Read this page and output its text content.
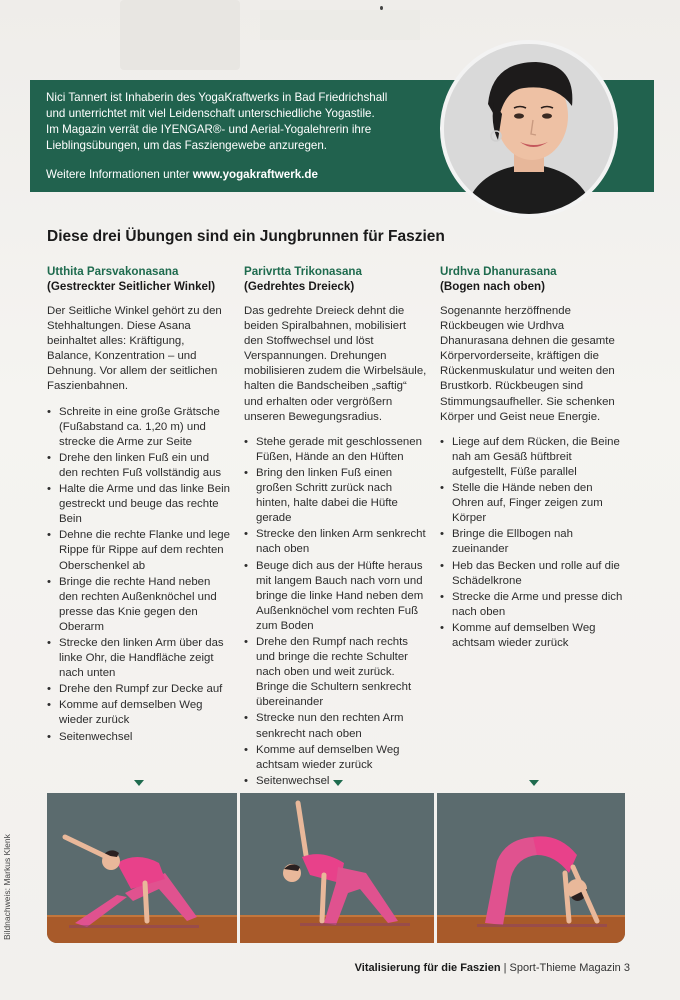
Nici Tannert ist Inhaberin des YogaKraftwerks in Bad Friedrichshall

und unterrichtet mit viel Leidenschaft unterschiedliche Yogastile.

Im Magazin verrät die IYENGAR®- und Aerial-Yogalehrerin ihre

Lieblingsübungen, um das Fasziengewebe anzuregen.

Weitere Informationen unter www.yogakraftwerk.de

Diese drei Übungen sind ein Jungbrunnen für Faszien
Utthita Parsvakonasana
(Gestreckter Seitlicher Winkel)

Der Seitliche Winkel gehört zu den Stehhaltungen. Diese Asana beinhaltet alles: Kräftigung, Balance, Konzentration – und Dehnung. Vor allem der seitlichen Faszienbahnen.

• Schreite in eine große Grätsche (Fußabstand ca. 1,20 m) und strecke die Arme zur Seite
• Drehe den linken Fuß ein und den rechten Fuß vollständig aus
• Halte die Arme und das linke Bein gestreckt und beuge das rechte Bein
• Dehne die rechte Flanke und lege Rippe für Rippe auf dem rechten Oberschenkel ab
• Bringe die rechte Hand neben den rechten Außenknöchel und presse das Knie gegen den Oberarm
• Strecke den linken Arm über das linke Ohr, die Handfläche zeigt nach unten
• Drehe den Rumpf zur Decke auf
• Komme auf demselben Weg wieder zurück
• Seitenwechsel
Parivrtta Trikonasana
(Gedrehtes Dreieck)

Das gedrehte Dreieck dehnt die beiden Spiralbahnen, mobilisiert den Stoffwechsel und löst Verspannungen. Drehungen mobilisieren zudem die Wirbelsäule, halten die Bandscheiben „saftig“ und erhalten oder vergrößern unseren Bewegungsradius.

• Stehe gerade mit geschlossenen Füßen, Hände an den Hüften
• Bring den linken Fuß einen großen Schritt zurück nach hinten, halte dabei die Hüfte gerade
• Strecke den linken Arm senkrecht nach oben
• Beuge dich aus der Hüfte heraus mit langem Bauch nach vorn und bringe die linke Hand neben dem Außenknöchel vom rechten Fuß zum Boden
• Drehe den Rumpf nach rechts und bringe die rechte Schulter nach oben und weit zurück. Bringe die Schultern senkrecht übereinander
• Strecke nun den rechten Arm senkrecht nach oben
• Komme auf demselben Weg achtsam wieder zurück
• Seitenwechsel
Urdhva Dhanurasana
(Bogen nach oben)

Sogenannte herzöffnende Rückbeugen wie Urdhva Dhanurasana dehnen die gesamte Körpervorderseite, kräftigen die Rückenmuskulatur und weiten den Brustkorb. Rückbeugen sind Stimmungsaufheller. Sie schenken Körper und Geist neue Energie.

• Liege auf dem Rücken, die Beine nah am Gesäß hüftbreit aufgestellt, Füße parallel
• Stelle die Hände neben den Ohren auf, Finger zeigen zum Körper
• Bringe die Ellbogen nah zueinander
• Heb das Becken und rolle auf die Schädelkrone
• Strecke die Arme und presse dich nach oben
• Komme auf demselben Weg achtsam wieder zurück
Bildnachweis: Markus Klenk
Vitalisierung für die Faszien | Sport-Thieme Magazin 3
